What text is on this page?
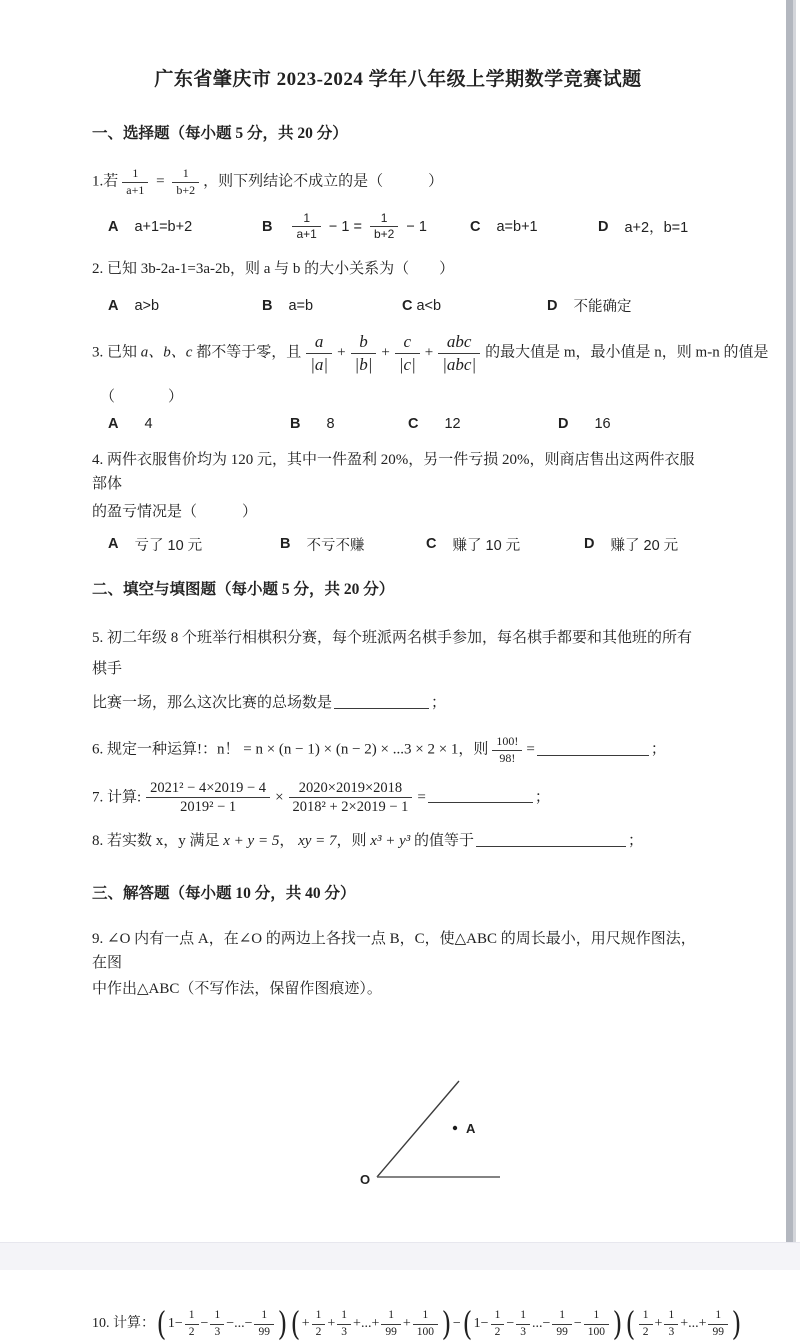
广东省肇庆市 2023-2024 学年八年级上学期数学竞赛试题
一、选择题（每小题 5 分，共 20 分）
1.若 $\frac{1}{a+1} = \frac{1}{b+2}$ ，则下列结论不成立的是（　　　）
A a+1=b+2	B $\frac{1}{a+1} - 1 = \frac{1}{b+2} - 1$	C a=b+1	D a+2，b=1
2. 已知 3b-2a-1=3a-2b，则 a 与 b 的大小关系为（　　）
A a>b	B a=b	C a<b	D 不能确定
3. 已知 a、b、c 都不等于零，且 $\frac{a}{|a|} + \frac{b}{|b|} + \frac{c}{|c|} + \frac{\text{abc}}{\text{|abc|}}$ 的最大值是 m，最小值是 n，则 m-n 的值是
（　　　）
A 4	B 8	C 12	D 16
4. 两件衣服售价均为 120 元，其中一件盈利 20%，另一件亏损 20%，则商店售出这两件衣服部体
的盈亏情况是（　　　）
A 亏了 10 元	B 不亏不赚	C 赚了 10 元	D 赚了 20 元
二、填空与填图题（每小题 5 分，共 20 分）
5. 初二年级 8 个班举行相棋积分赛，每个班派两名棋手参加，每名棋手都要和其他班的所有棋手
比赛一场，那么这次比赛的总场数是	；
6. 规定一种运算!：n！ = n × (n − 1) × (n − 2) × ...3 × 2 × 1，则 $\frac{100!}{98!}$ =	；
7. 计算: $\frac{\text{2021² − 4×2019 − 4}}{\text{2019² − 1}} \times \frac{2020\times 2019\times 2018}{\text{2018² + 2×2019 − 1}}$ =	；
8. 若实数 x，y 满足 x + y = 5， xy = 7，则 x³ + y³ 的值等于	；
三、解答题（每小题 10 分，共 40 分）
9. ∠O 内有一点 A，在∠O 的两边上各找一点 B，C，使△ABC 的周长最小，用尺规作图法，在图
中作出△ABC（不写作法，保留作图痕迹）。
O
A
10. 计算：( $1- \frac{1}{2} - \frac{1}{3}$ −...− $\frac{1}{99}$ )( + $\frac{1}{2} + \frac{1}{3}$ +...+ $\frac{1}{99} + \frac{1}{100}$ ) −( $1- \frac{1}{2} - \frac{1}{3}$ ...− $\frac{1}{99} - \frac{1}{100}$ )( $\frac{1}{2} + \frac{1}{3}$ +...+ $\frac{1}{99}$ )
